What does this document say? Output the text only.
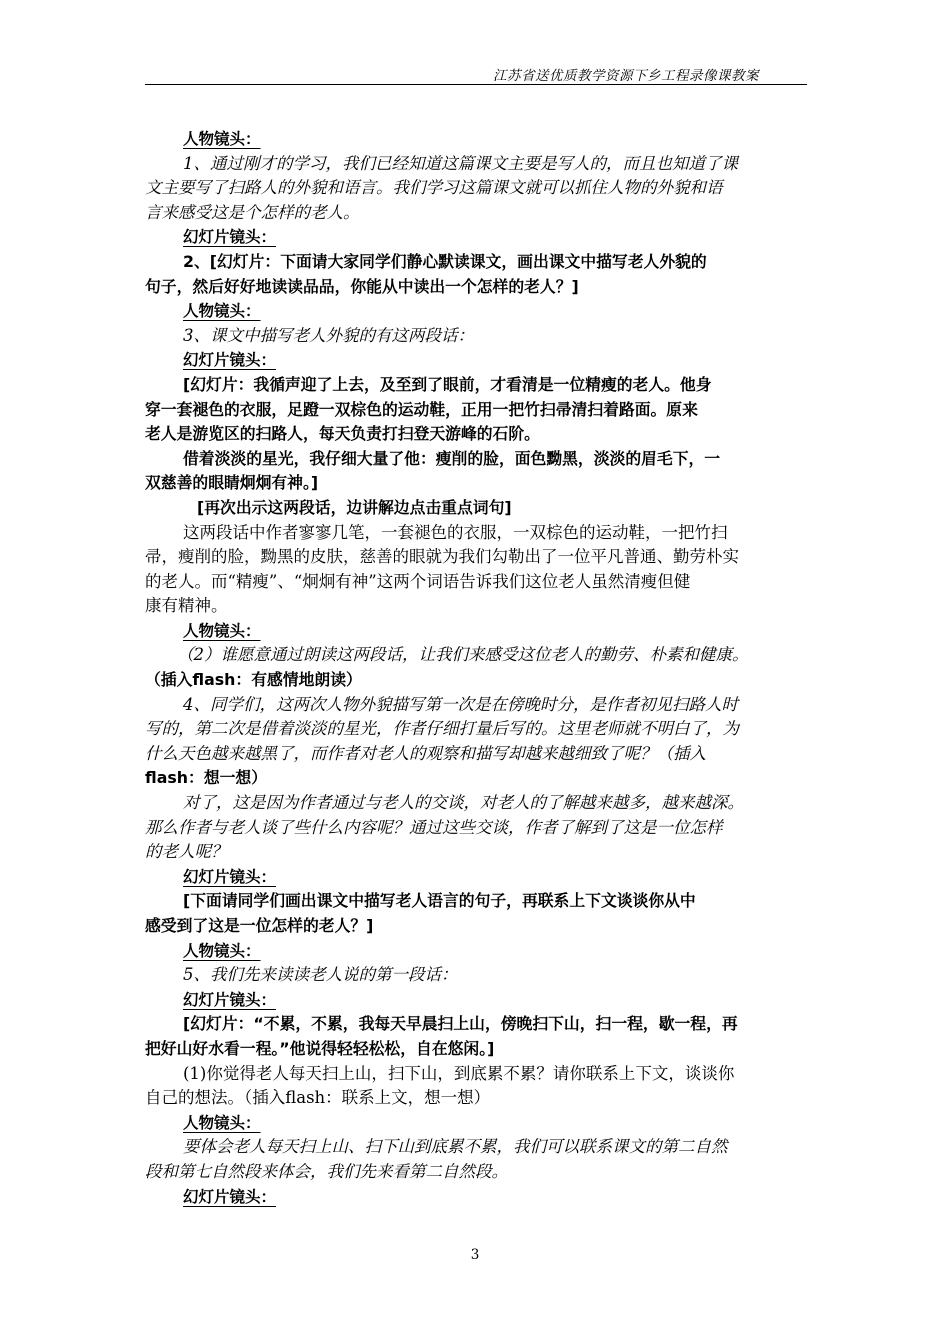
江苏省送优质教学资源下乡工程录像课教案
人物镜头：
1、通过刚才的学习，我们已经知道这篇课文主要是写人的，而且也知道了课
文主要写了扫路人的外貌和语言。我们学习这篇课文就可以抓住人物的外貌和语
言来感受这是个怎样的老人。
幻灯片镜头：
2、[幻灯片：下面请大家同学们静心默读课文，画出课文中描写老人外貌的
句子，然后好好地读读品品，你能从中读出一个怎样的老人？]
人物镜头：
3、课文中描写老人外貌的有这两段话：
幻灯片镜头：
[幻灯片：我循声迎了上去，及至到了眼前，才看清是一位精瘦的老人。他身
穿一套褪色的衣服，足蹬一双棕色的运动鞋，正用一把竹扫帚清扫着路面。原来
老人是游览区的扫路人，每天负责打扫登天游峰的石阶。
借着淡淡的星光，我仔细大量了他：瘦削的脸，面色黝黑，淡淡的眉毛下，一
双慈善的眼睛炯炯有神。]
[再次出示这两段话，边讲解边点击重点词句]
这两段话中作者寥寥几笔，一套褪色的衣服，一双棕色的运动鞋，一把竹扫
帚，瘦削的脸，黝黑的皮肤，慈善的眼就为我们勾勒出了一位平凡普通、勤劳朴实
的老人。而“精瘦”、“炯炯有神”这两个词语告诉我们这位老人虽然清瘦但健
康有精神。
人物镜头：
（2）谁愿意通过朗读这两段话，让我们来感受这位老人的勤劳、朴素和健康。
（插入flash：有感情地朗读）
4、同学们，这两次人物外貌描写第一次是在傍晚时分，是作者初见扫路人时
写的，第二次是借着淡淡的星光，作者仔细打量后写的。这里老师就不明白了，为
什么天色越来越黑了，而作者对老人的观察和描写却越来越细致了呢？（插入
flash：想一想）
对了，这是因为作者通过与老人的交谈，对老人的了解越来越多，越来越深。
那么作者与老人谈了些什么内容呢？通过这些交谈，作者了解到了这是一位怎样
的老人呢？
幻灯片镜头：
[下面请同学们画出课文中描写老人语言的句子，再联系上下文谈谈你从中
感受到了这是一位怎样的老人？]
人物镜头：
5、我们先来读读老人说的第一段话：
幻灯片镜头：
[幻灯片：“不累，不累，我每天早晨扫上山，傍晚扫下山，扫一程，歇一程，再
把好山好水看一程。”他说得轻轻松松，自在悠闲。]
(1)你觉得老人每天扫上山，扫下山，到底累不累？请你联系上下文，谈谈你
自己的想法。（插入flash：联系上文，想一想）
人物镜头：
要体会老人每天扫上山、扫下山到底累不累，我们可以联系课文的第二自然
段和第七自然段来体会，我们先来看第二自然段。
幻灯片镜头：
3
